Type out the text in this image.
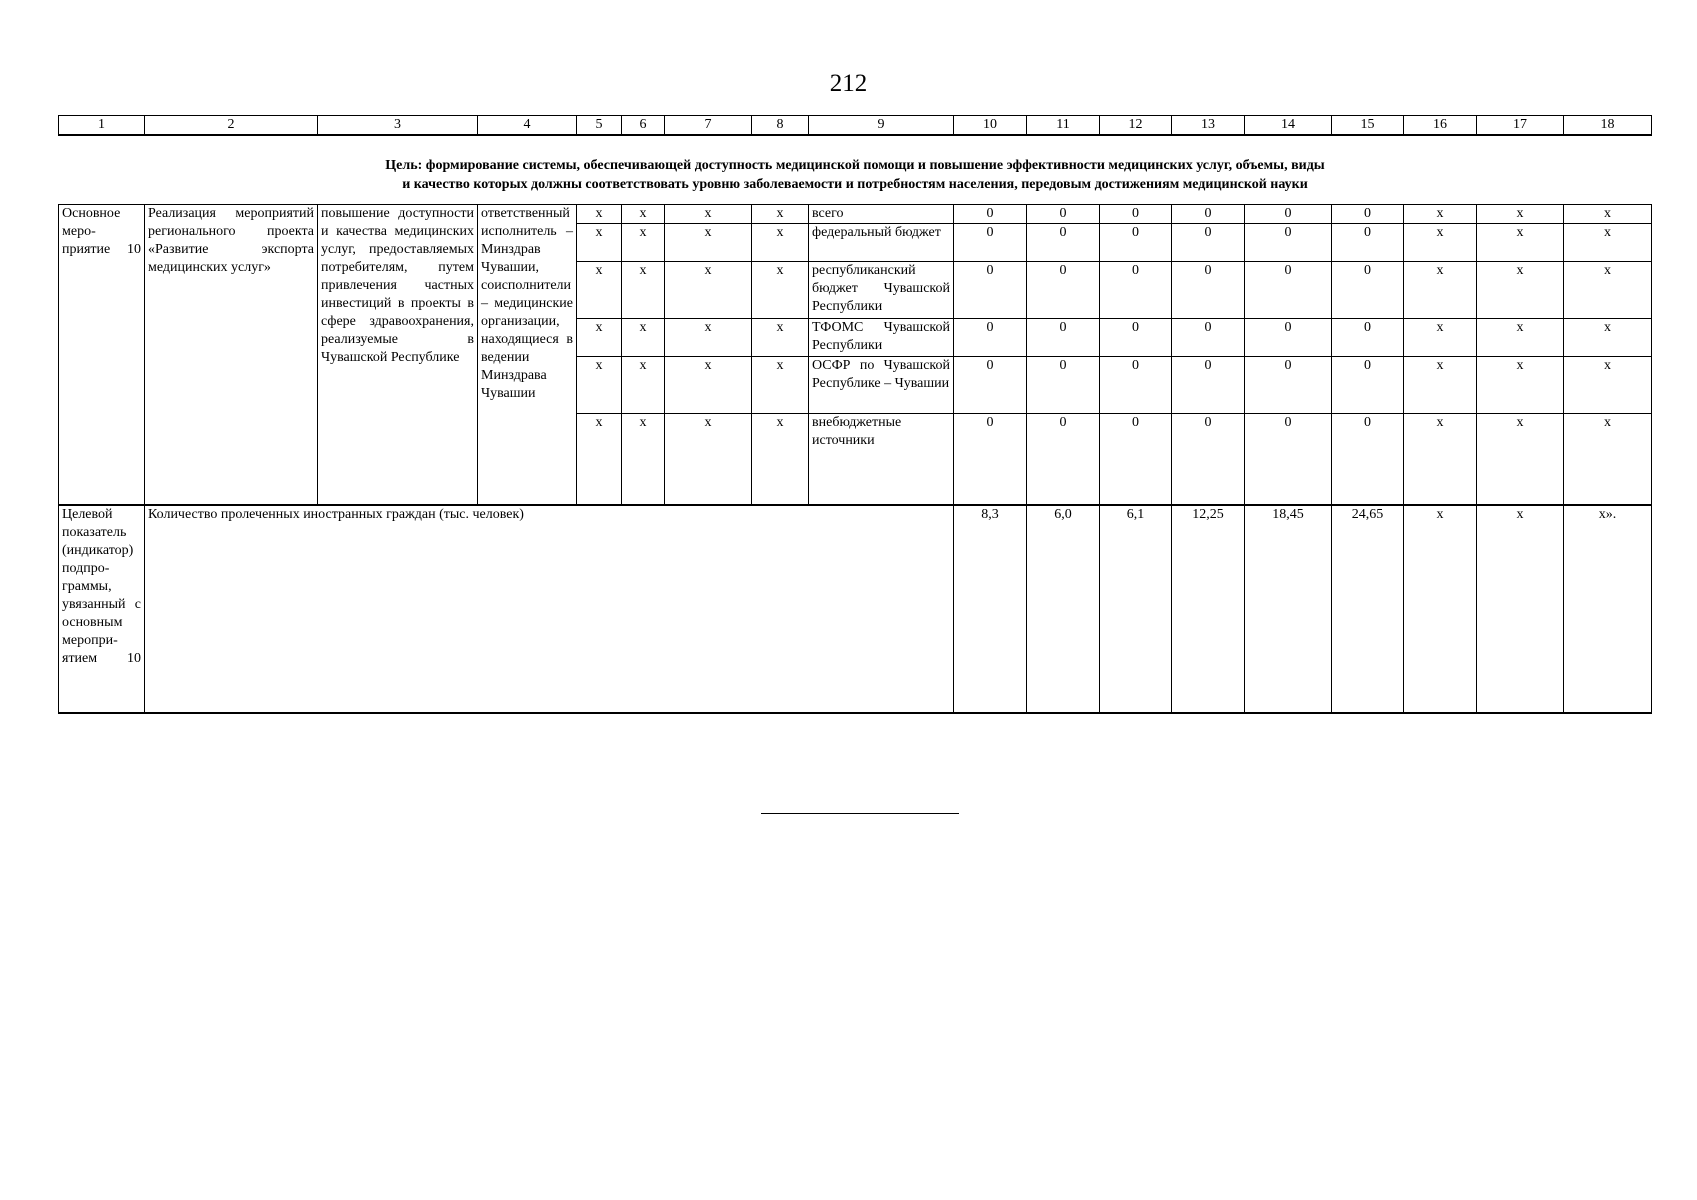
212
1	2	3	4	5	6	7	8	9	10	11	12	13	14	15	16	17	18

Цель: формирование системы, обеспечивающей доступность медицинской помощи и повышение эффективности медицинских услуг, объемы, виды
и качество которых должны соответствовать уровню заболеваемости и потребностям населения, передовым достижениям медицинской науки																	

Основное меро-приятие 10	Реализация мероприятий регионального проекта «Развитие экспорта медицинских услуг»	повышение доступности и качества медицинских услуг, предоставляемых потребителям, путем привлечения частных инвестиций в проекты в сфере здравоохранения, реализуемые в Чувашской Республике	ответственный исполнитель – Минздрав Чувашии, соисполнители – медицинские организации, находящиеся в ведении Минздрава Чувашии	х	х	х	х	всего	0	0	0	0	0	0	х	х	х
				х	х	х	х	федеральный бюджет	0	0	0	0	0	0	х	х	х
				х	х	х	х	республиканский бюджет Чувашской Республики	0	0	0	0	0	0	х	х	х
				х	х	х	х	ТФОМС Чувашской Республики	0	0	0	0	0	0	х	х	х
				х	х	х	х	ОСФР по Чувашской Республике – Чувашии	0	0	0	0	0	0	х	х	х
				х	х	х	х	внебюджетные источники	0	0	0	0	0	0	х	х	х
Целевой показатель (индикатор) подпрограммы, увязанный с основным мероприятием 10	Количество пролеченных иностранных граждан (тыс. человек)								8,3	6,0	6,1	12,25	18,45	24,65	х	х	х».
